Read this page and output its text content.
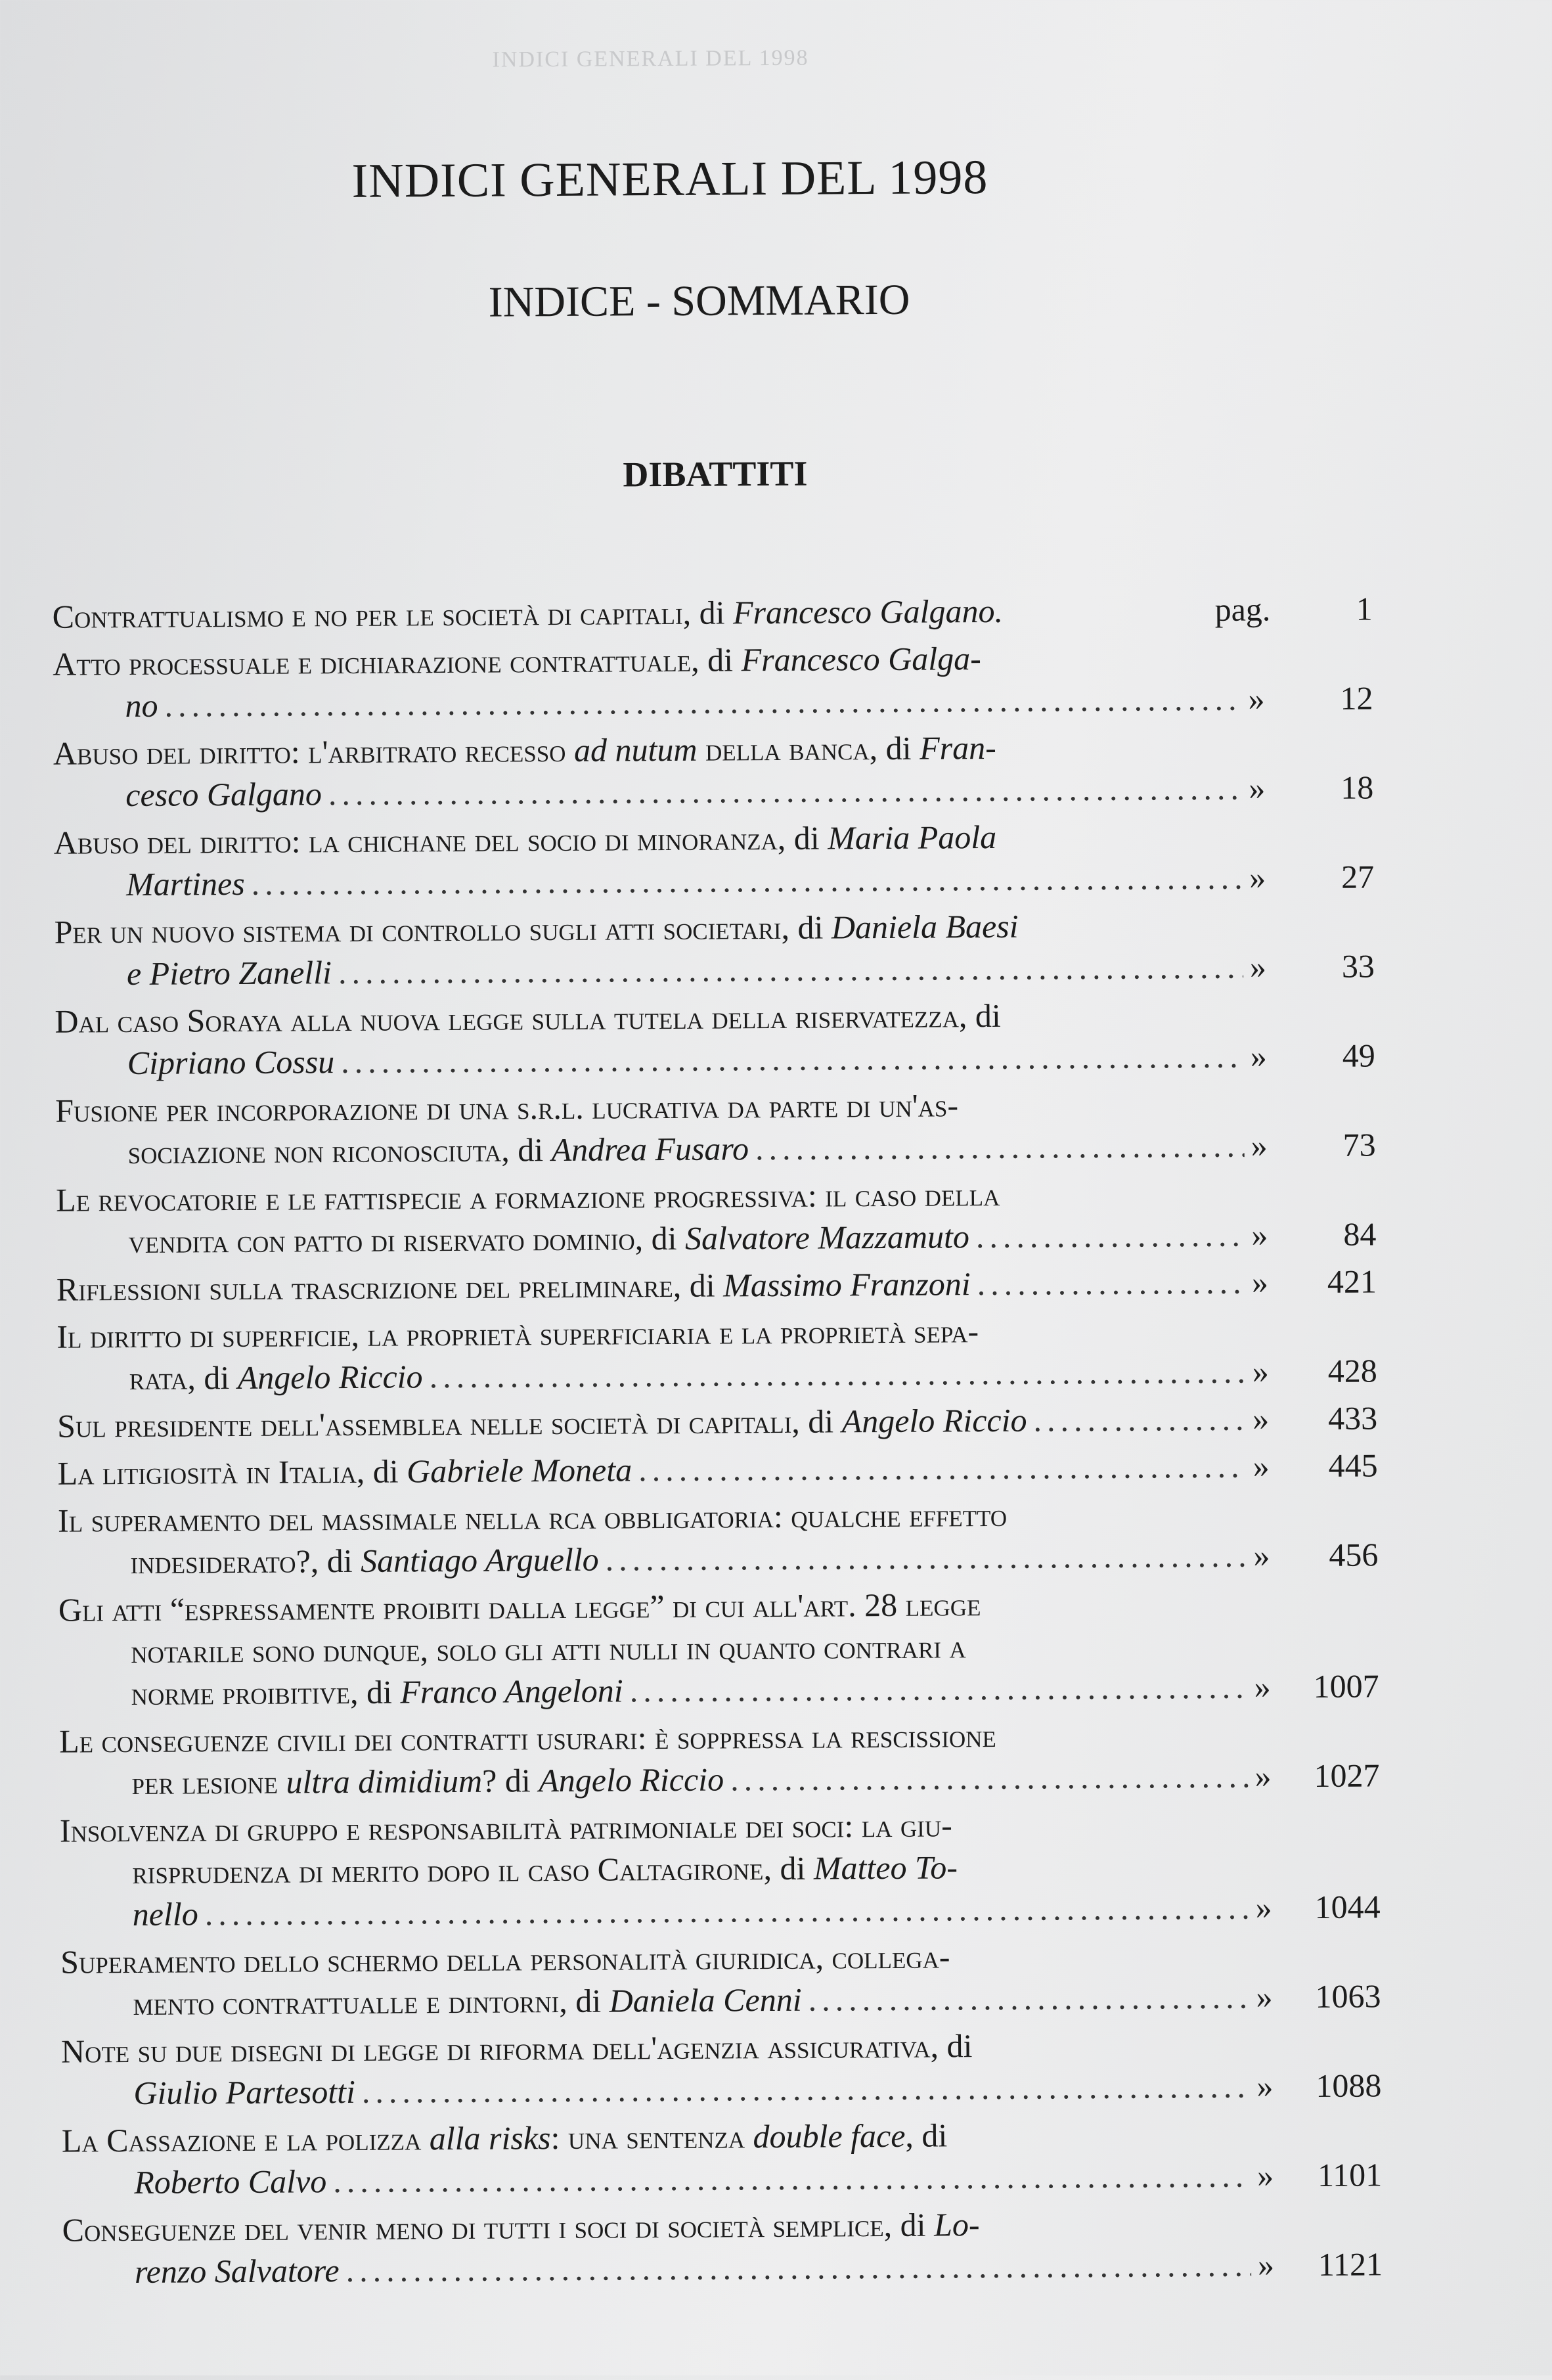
INDICI GENERALI DEL 1998
INDICI GENERALI DEL 1998
INDICE - SOMMARIO
DIBATTITI
Contrattualismo e no per le società di capitali, di Francesco Galgano.	pag.	1
Atto processuale e dichiarazione contrattuale, di Francesco Galga-
no .....	»	12
Abuso del diritto: l'arbitrato recesso ad nutum della banca, di Fran-
cesco Galgano .....	»	18
Abuso del diritto: la chichane del socio di minoranza, di Maria Paola
Martines .....	»	27
Per un nuovo sistema di controllo sugli atti societari, di Daniela Baesi
e Pietro Zanelli .....	»	33
Dal caso Soraya alla nuova legge sulla tutela della riservatezza, di
Cipriano Cossu .....	»	49
Fusione per incorporazione di una s.r.l. lucrativa da parte di un'as-
sociazione non riconosciuta, di Andrea Fusaro .....	»	73
Le revocatorie e le fattispecie a formazione progressiva: il caso della
vendita con patto di riservato dominio, di Salvatore Mazzamuto .....	»	84
Riflessioni sulla trascrizione del preliminare, di Massimo Franzoni .....	»	421
Il diritto di superficie, la proprietà superficiaria e la proprietà sepa-
rata, di Angelo Riccio .....	»	428
Sul presidente dell'assemblea nelle società di capitali, di Angelo Riccio .....	»	433
La litigiosità in Italia, di Gabriele Moneta .....	»	445
Il superamento del massimale nella rca obbligatoria: qualche effetto
indesiderato?, di Santiago Arguello .....	»	456
Gli atti “espressamente proibiti dalla legge” di cui all'art. 28 legge
notarile sono dunque, solo gli atti nulli in quanto contrari a
norme proibitive, di Franco Angeloni .....	»	1007
Le conseguenze civili dei contratti usurari: è soppressa la rescissione
per lesione ultra dimidium? di Angelo Riccio .....	»	1027
Insolvenza di gruppo e responsabilità patrimoniale dei soci: la giu-
risprudenza di merito dopo il caso Caltagirone, di Matteo To-
nello .....	»	1044
Superamento dello schermo della personalità giuridica, collega-
mento contrattualle e dintorni, di Daniela Cenni .....	»	1063
Note su due disegni di legge di riforma dell'agenzia assicurativa, di
Giulio Partesotti .....	»	1088
La Cassazione e la polizza alla risks: una sentenza double face, di
Roberto Calvo .....	»	1101
Conseguenze del venir meno di tutti i soci di società semplice, di Lo-
renzo Salvatore .....	»	1121
